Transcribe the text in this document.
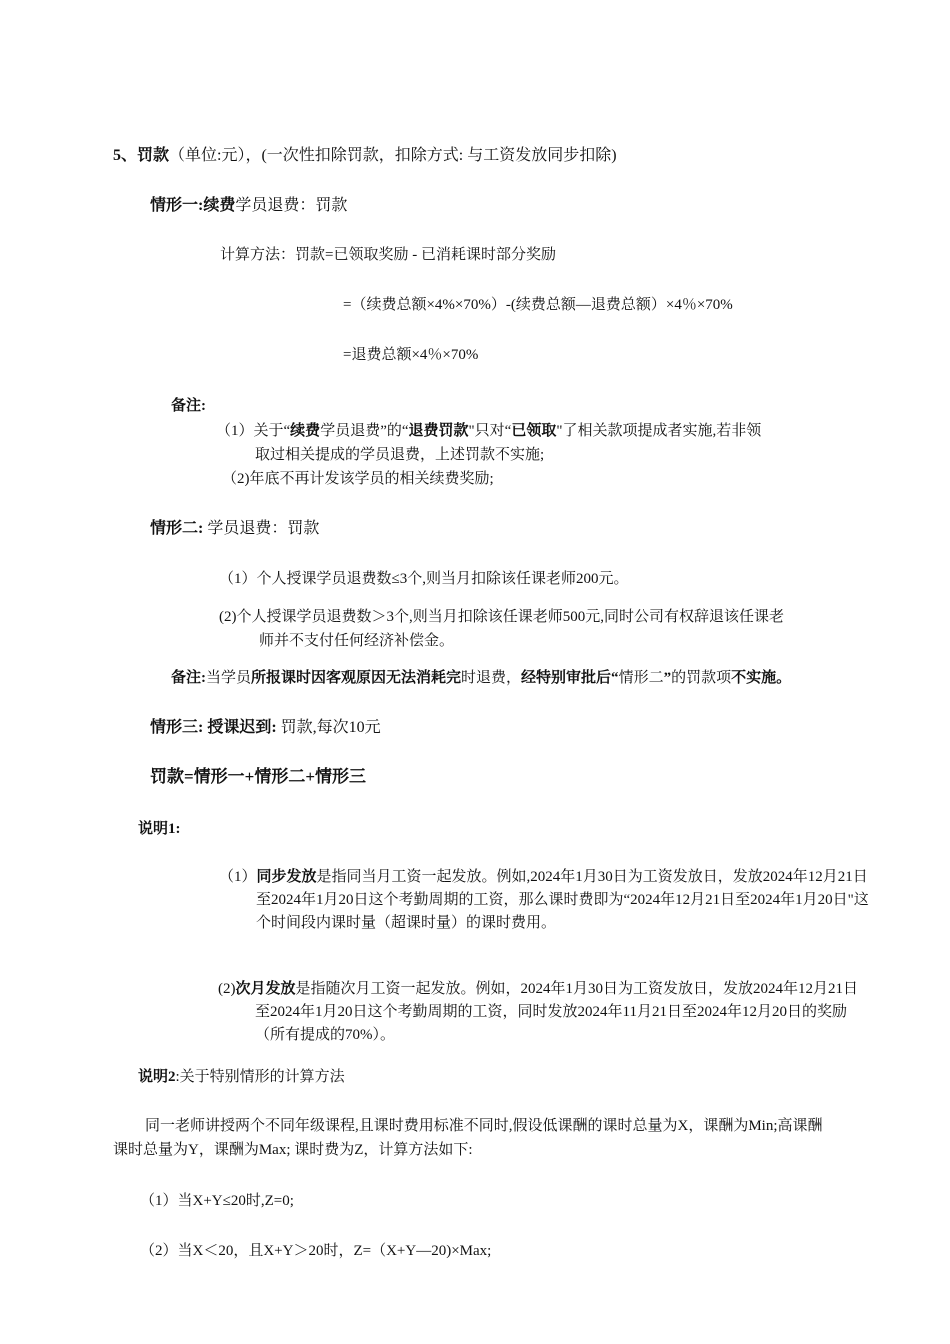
5、罚款（单位:元），(一次性扣除罚款，扣除方式: 与工资发放同步扣除)
情形一:续费学员退费：罚款
计算方法：罚款=已领取奖励 - 已消耗课时部分奖励
=（续费总额×4%×70%）-(续费总额—退费总额）×4％×70%
=退费总额×4％×70%
备注:
（1）关于“续费学员退费”的“退费罚款"只对“已领取"了相关款项提成者实施,若非领
取过相关提成的学员退费，上述罚款不实施;
（2)年底不再计发该学员的相关续费奖励;
情形二: 学员退费：罚款
（1）个人授课学员退费数≤3个,则当月扣除该任课老师200元。
(2)个人授课学员退费数＞3个,则当月扣除该任课老师500元,同时公司有权辞退该任课老
师并不支付任何经济补偿金。
备注:当学员所报课时因客观原因无法消耗完时退费，经特别审批后“情形二”的罚款项不实施。
情形三: 授课迟到: 罚款,每次10元
罚款=情形一+情形二+情形三
说明1:
（1）同步发放是指同当月工资一起发放。例如,2024年1月30日为工资发放日，发放2024年12月21日至2024年1月20日这个考勤周期的工资，那么课时费即为“2024年12月21日至2024年1月20日"这个时间段内课时量（超课时量）的课时费用。
(2)次月发放是指随次月工资一起发放。例如，2024年1月30日为工资发放日，发放2024年12月21日至2024年1月20日这个考勤周期的工资，同时发放2024年11月21日至2024年12月20日的奖励（所有提成的70%）。
说明2:关于特别情形的计算方法
同一老师讲授两个不同年级课程,且课时费用标准不同时,假设低课酬的课时总量为X，课酬为Min;高课酬课时总量为Y，课酬为Max; 课时费为Z，计算方法如下:
（1）当X+Y≤20时,Z=0;
（2）当X＜20，且X+Y＞20时，Z=（X+Y—20)×Max;
